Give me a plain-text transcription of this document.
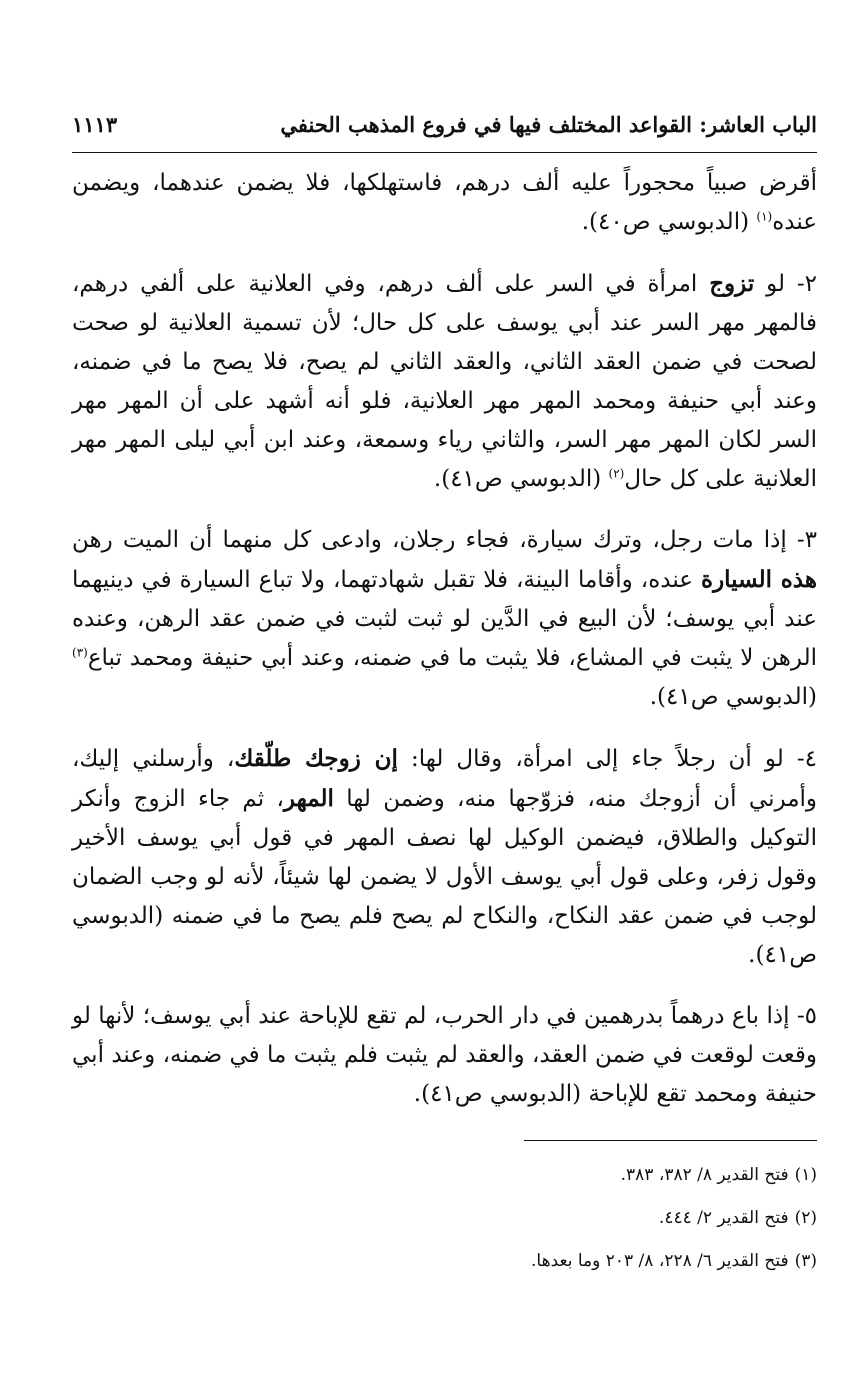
الباب العاشر: القواعد المختلف فيها في فروع المذهب الحنفي
١١١٣

أقرض صبياً محجوراً عليه ألف درهم، فاستهلكها، فلا يضمن عندهما، ويضمن عنده$^{(١)}$ (الدبوسي ص٤٠).

٢- لو تزوج امرأة في السر على ألف درهم، وفي العلانية على ألفي درهم، فالمهر مهر السر عند أبي يوسف على كل حال؛ لأن تسمية العلانية لو صحت لصحت في ضمن العقد الثاني، والعقد الثاني لم يصح، فلا يصح ما في ضمنه، وعند أبي حنيفة ومحمد المهر مهر العلانية، فلو أنه أشهد على أن المهر مهر السر لكان المهر مهر السر، والثاني رياء وسمعة، وعند ابن أبي ليلى المهر مهر العلانية على كل حال$^{(٢)}$ (الدبوسي ص٤١).

٣- إذا مات رجل، وترك سيارة، فجاء رجلان، وادعى كل منهما أن الميت رهن هذه السيارة عنده، وأقاما البينة، فلا تقبل شهادتهما، ولا تباع السيارة في دينيهما عند أبي يوسف؛ لأن البيع في الدَّين لو ثبت لثبت في ضمن عقد الرهن، وعنده الرهن لا يثبت في المشاع، فلا يثبت ما في ضمنه، وعند أبي حنيفة ومحمد تباع$^{(٣)}$ (الدبوسي ص٤١).

٤- لو أن رجلاً جاء إلى امرأة، وقال لها: إن زوجك طلّقك، وأرسلني إليك، وأمرني أن أزوجك منه، فزوّجها منه، وضمن لها المهر، ثم جاء الزوج وأنكر التوكيل والطلاق، فيضمن الوكيل لها نصف المهر في قول أبي يوسف الأخير وقول زفر، وعلى قول أبي يوسف الأول لا يضمن لها شيئاً، لأنه لو وجب الضمان لوجب في ضمن عقد النكاح، والنكاح لم يصح فلم يصح ما في ضمنه (الدبوسي ص٤١).

٥- إذا باع درهماً بدرهمين في دار الحرب، لم تقع للإباحة عند أبي يوسف؛ لأنها لو وقعت لوقعت في ضمن العقد، والعقد لم يثبت فلم يثبت ما في ضمنه، وعند أبي حنيفة ومحمد تقع للإباحة (الدبوسي ص٤١).

(١)فتح القدير ٨/ ٣٨٢، ٣٨٣.
(٢)فتح القدير ٢/ ٤٤٤.
(٣)فتح القدير ٦/ ٢٢٨، ٨/ ٢٠٣ وما بعدها.
